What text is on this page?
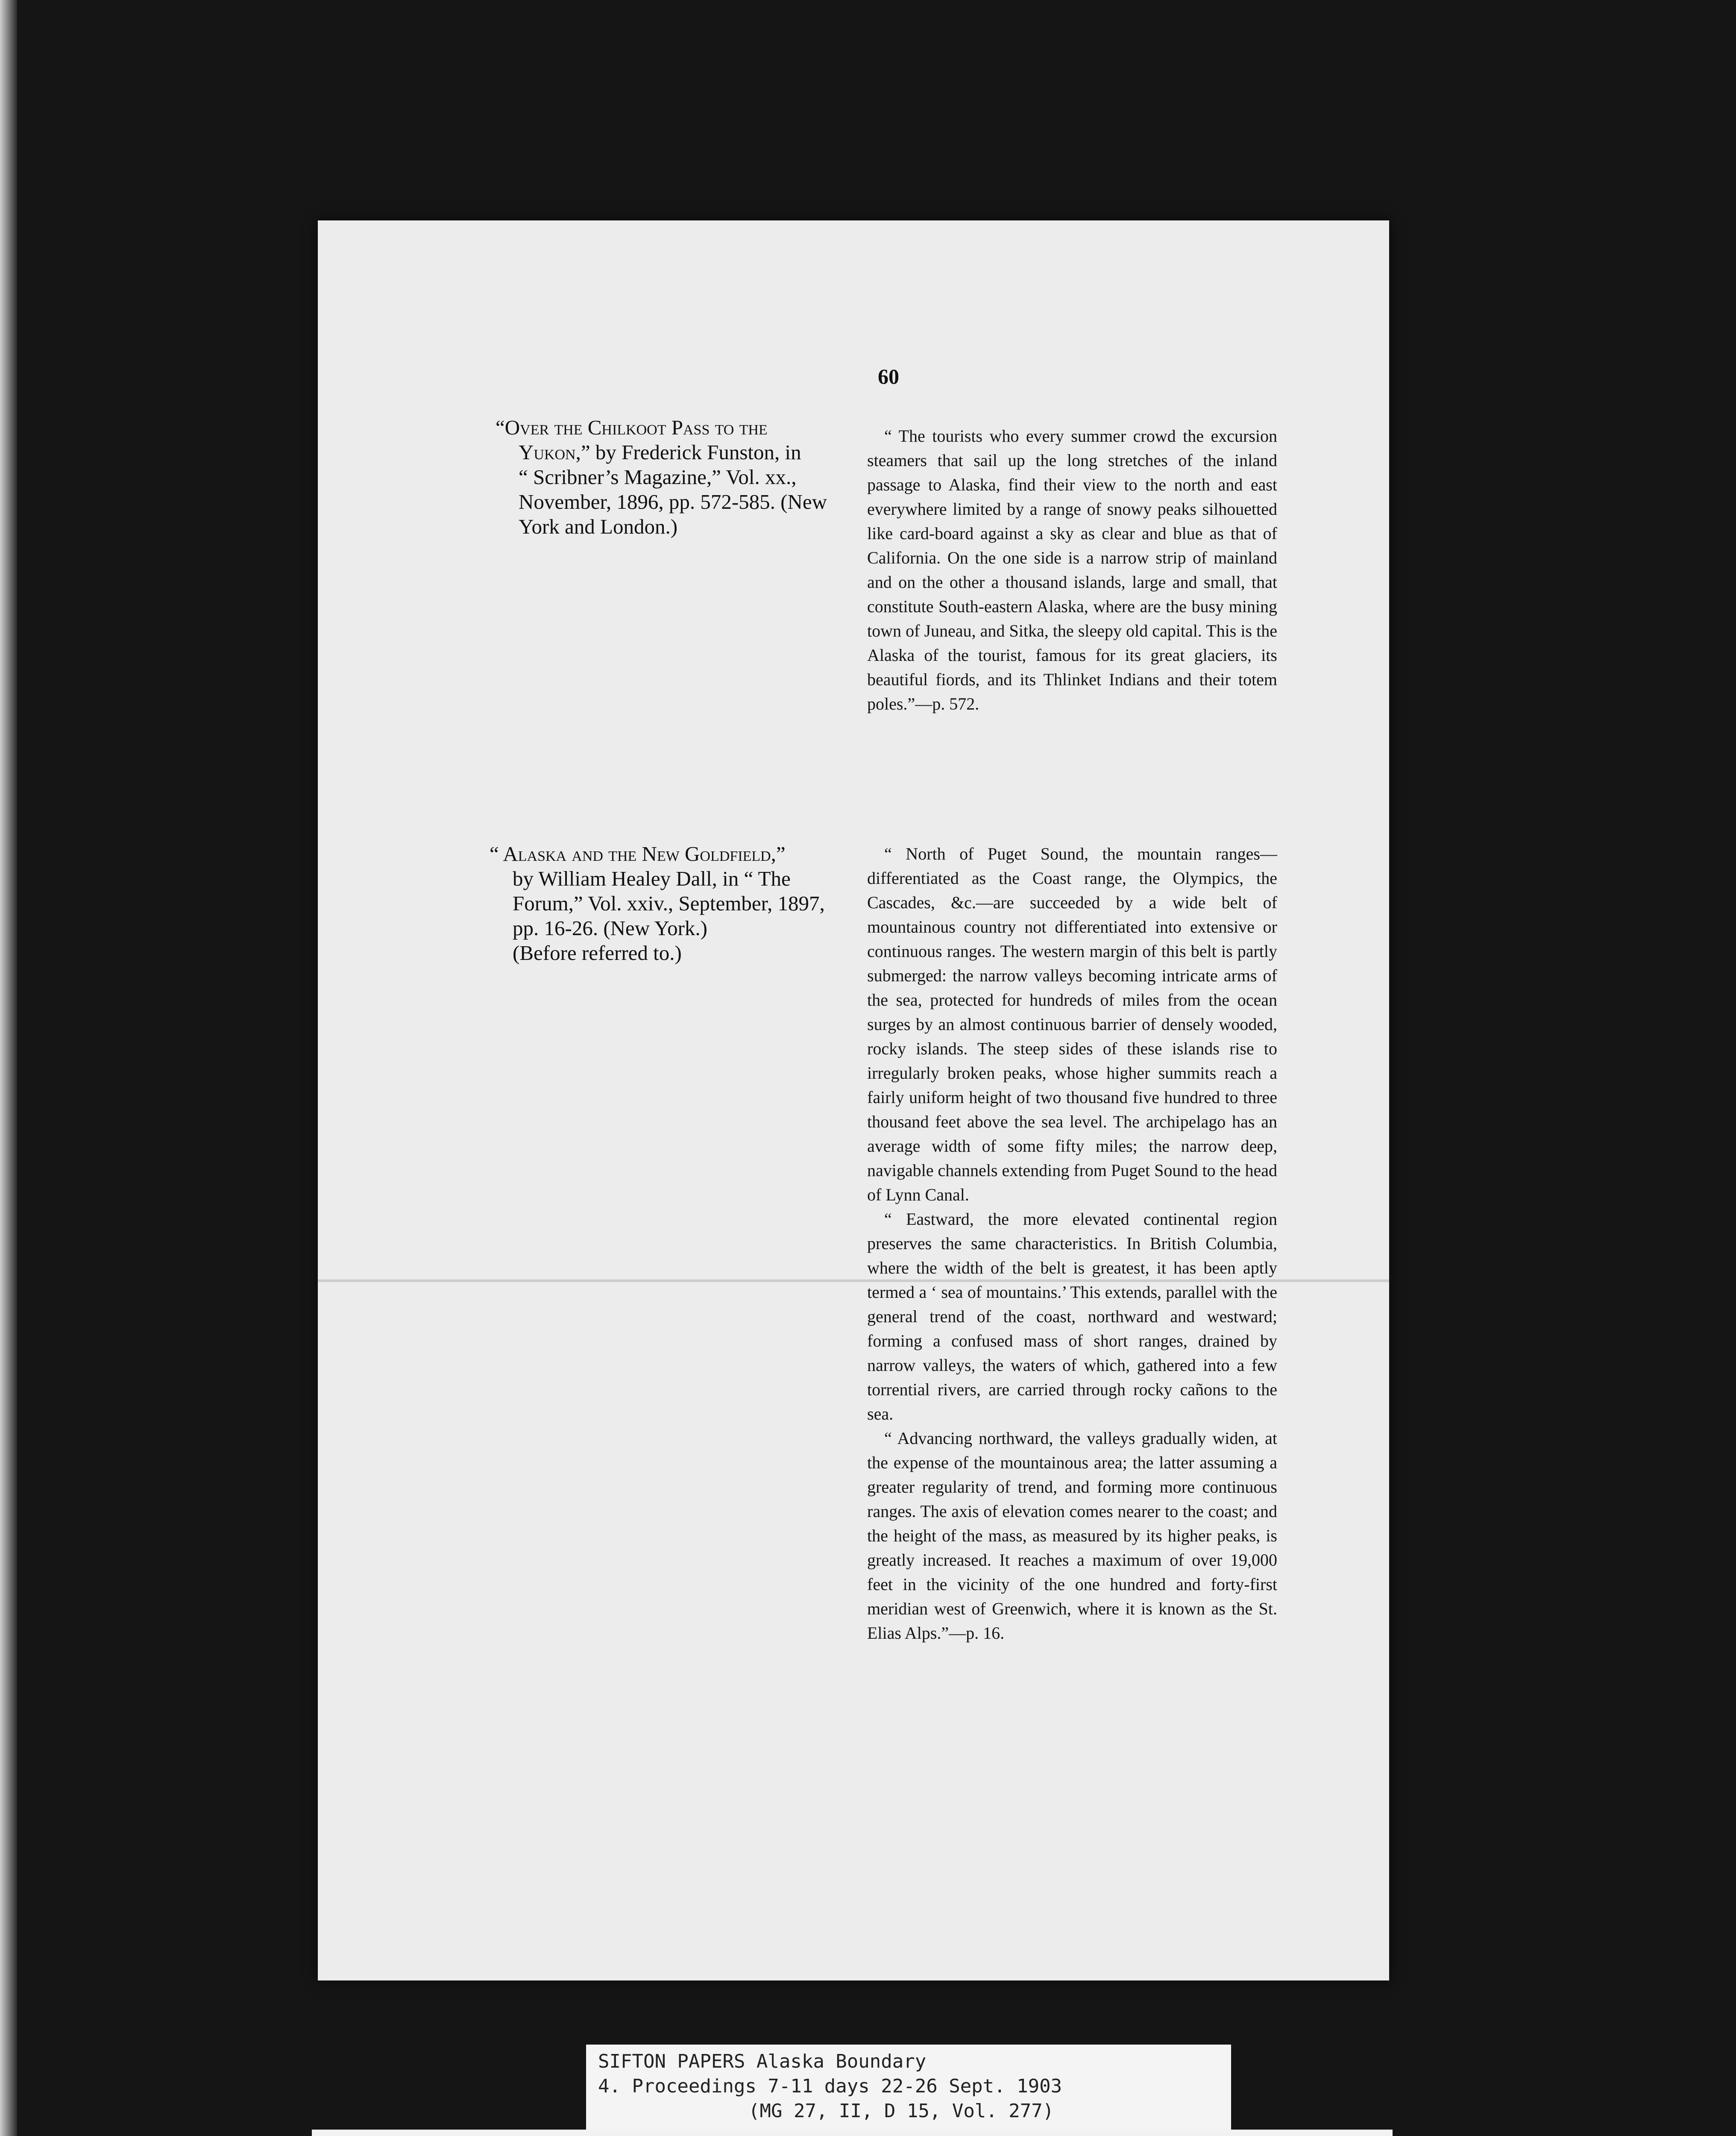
60
“Over the Chilkoot Pass to the
Yukon,” by Frederick Funston, in
“ Scribner’s Magazine,” Vol. xx.,
November, 1896, pp. 572-585. (New
York and London.)

“ The tourists who every summer crowd the excursion steamers that sail up the long stretches of the inland passage to Alaska, find their view to the north and east everywhere limited by a range of snowy peaks silhouetted like card-board against a sky as clear and blue as that of California. On the one side is a narrow strip of mainland and on the other a thousand islands, large and small, that constitute South-eastern Alaska, where are the busy mining town of Juneau, and Sitka, the sleepy old capital. This is the Alaska of the tourist, famous for its great glaciers, its beautiful fiords, and its Thlinket Indians and their totem poles.”—p. 572.

“ Alaska and the New Goldfield,”
by William Healey Dall, in “ The
Forum,” Vol. xxiv., September, 1897,
pp. 16-26. (New York.)
(Before referred to.)

“ North of Puget Sound, the mountain ranges—differentiated as the Coast range, the Olympics, the Cascades, &c.—are succeeded by a wide belt of mountainous country not differentiated into extensive or continuous ranges. The western margin of this belt is partly submerged: the narrow valleys becoming intricate arms of the sea, protected for hundreds of miles from the ocean surges by an almost continuous barrier of densely wooded, rocky islands. The steep sides of these islands rise to irregularly broken peaks, whose higher summits reach a fairly uniform height of two thousand five hundred to three thousand feet above the sea level. The archipelago has an average width of some fifty miles; the narrow deep, navigable channels extending from Puget Sound to the head of Lynn Canal.

“ Eastward, the more elevated continental region preserves the same characteristics. In British Columbia, where the width of the belt is greatest, it has been aptly termed a ‘ sea of mountains.’ This extends, parallel with the general trend of the coast, northward and westward; forming a confused mass of short ranges, drained by narrow valleys, the waters of which, gathered into a few torrential rivers, are carried through rocky cañons to the sea.

“ Advancing northward, the valleys gradually widen, at the expense of the mountainous area; the latter assuming a greater regularity of trend, and forming more continuous ranges. The axis of elevation comes nearer to the coast; and the height of the mass, as measured by its higher peaks, is greatly increased. It reaches a maximum of over 19,000 feet in the vicinity of the one hundred and forty-first meridian west of Greenwich, where it is known as the St. Elias Alps.”—p. 16.

SIFTON PAPERS Alaska Boundary
4. Proceedings 7-11 days 22-26 Sept. 1903
(MG 27, II, D 15, Vol. 277)
